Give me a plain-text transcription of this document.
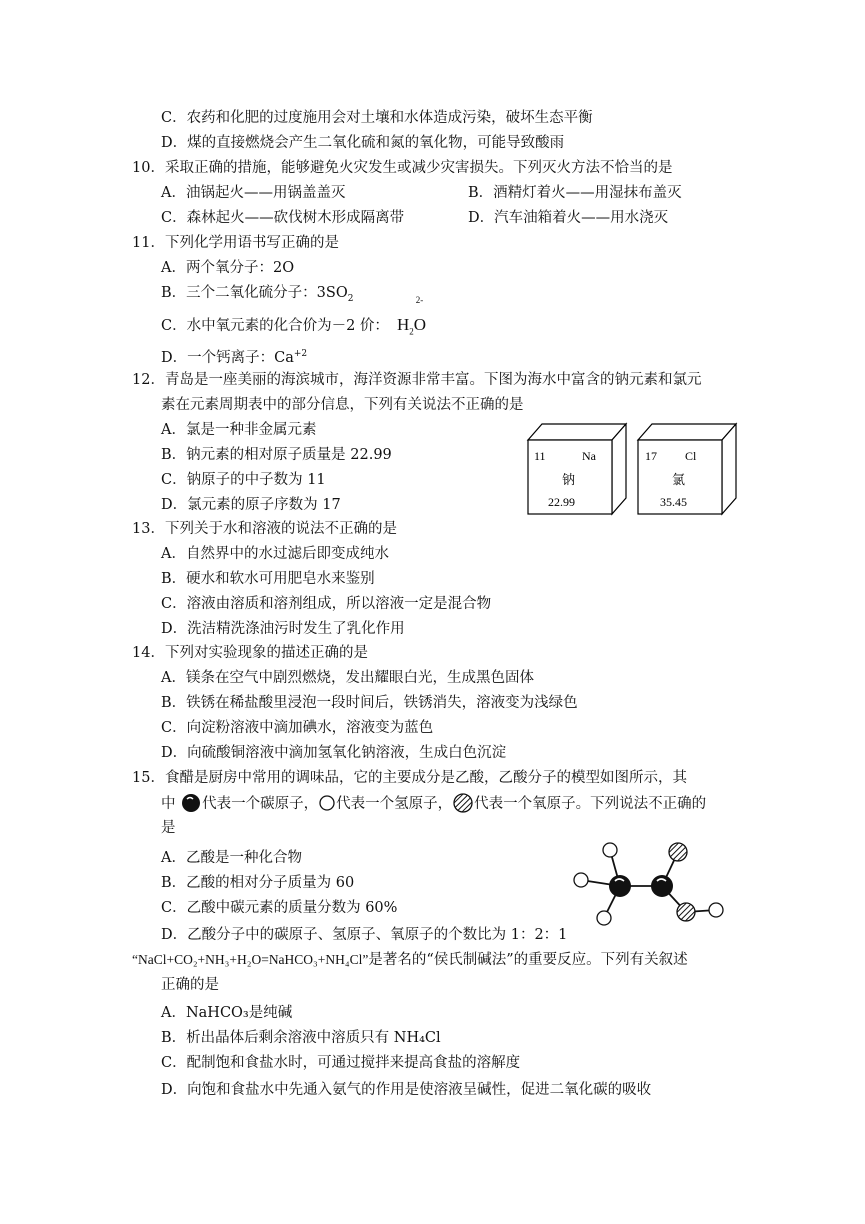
C．农药和化肥的过度施用会对土壤和水体造成污染，破坏生态平衡
D．煤的直接燃烧会产生二氧化硫和氮的氧化物，可能导致酸雨
10．采取正确的措施，能够避免火灾发生或减少灾害损失。下列灭火方法不恰当的是
A．油锅起火——用锅盖盖灭	B．酒精灯着火——用湿抹布盖灭
C．森林起火——砍伐树木形成隔离带	D．汽车油箱着火——用水浇灭
11．下列化学用语书写正确的是
A．两个氧分子：2O
B．三个二氧化硫分子：$3SO_2$
C．水中氧元素的化合价为－2 价： $H_2O$
2-
D．一个钙离子：$Ca^{+2}$
12．青岛是一座美丽的海滨城市，海洋资源非常丰富。下图为海水中富含的钠元素和氯元
素在元素周期表中的部分信息，下列有关说法不正确的是
A．氯是一种非金属元素
B．钠元素的相对原子质量是 22.99
C．钠原子的中子数为 11
D．氯元素的原子序数为 17
11	Na
钠
22.99
17 Cl
氯
35.45
13．下列关于水和溶液的说法不正确的是
A．自然界中的水过滤后即变成纯水
B．硬水和软水可用肥皂水来鉴别
C．溶液由溶质和溶剂组成，所以溶液一定是混合物
D．洗洁精洗涤油污时发生了乳化作用
14．下列对实验现象的描述正确的是
A．镁条在空气中剧烈燃烧，发出耀眼白光，生成黑色固体
B．铁锈在稀盐酸里浸泡一段时间后，铁锈消失，溶液变为浅绿色
C．向淀粉溶液中滴加碘水，溶液变为蓝色
D．向硫酸铜溶液中滴加氢氧化钠溶液，生成白色沉淀
15．食醋是厨房中常用的调味品，它的主要成分是乙酸，乙酸分子的模型如图所示，其
中 代表一个碳原子， 代表一个氢原子， 代表一个氧原子。下列说法不正确的
是
A．乙酸是一种化合物
B．乙酸的相对分子质量为 60
C．乙酸中碳元素的质量分数为 60%
D．乙酸分子中的碳原子、氢原子、氧原子的个数比为 1：2：1
“NaCl+CO₂+NH₃+H₂O=NaHCO₃+NH₄Cl”是著名的“侯氏制碱法”的重要反应。下列有关叙述
正确的是
A．NaHCO₃是纯碱
B．析出晶体后剩余溶液中溶质只有 NH₄Cl
C．配制饱和食盐水时，可通过搅拌来提高食盐的溶解度
D．向饱和食盐水中先通入氨气的作用是使溶液呈碱性，促进二氧化碳的吸收
